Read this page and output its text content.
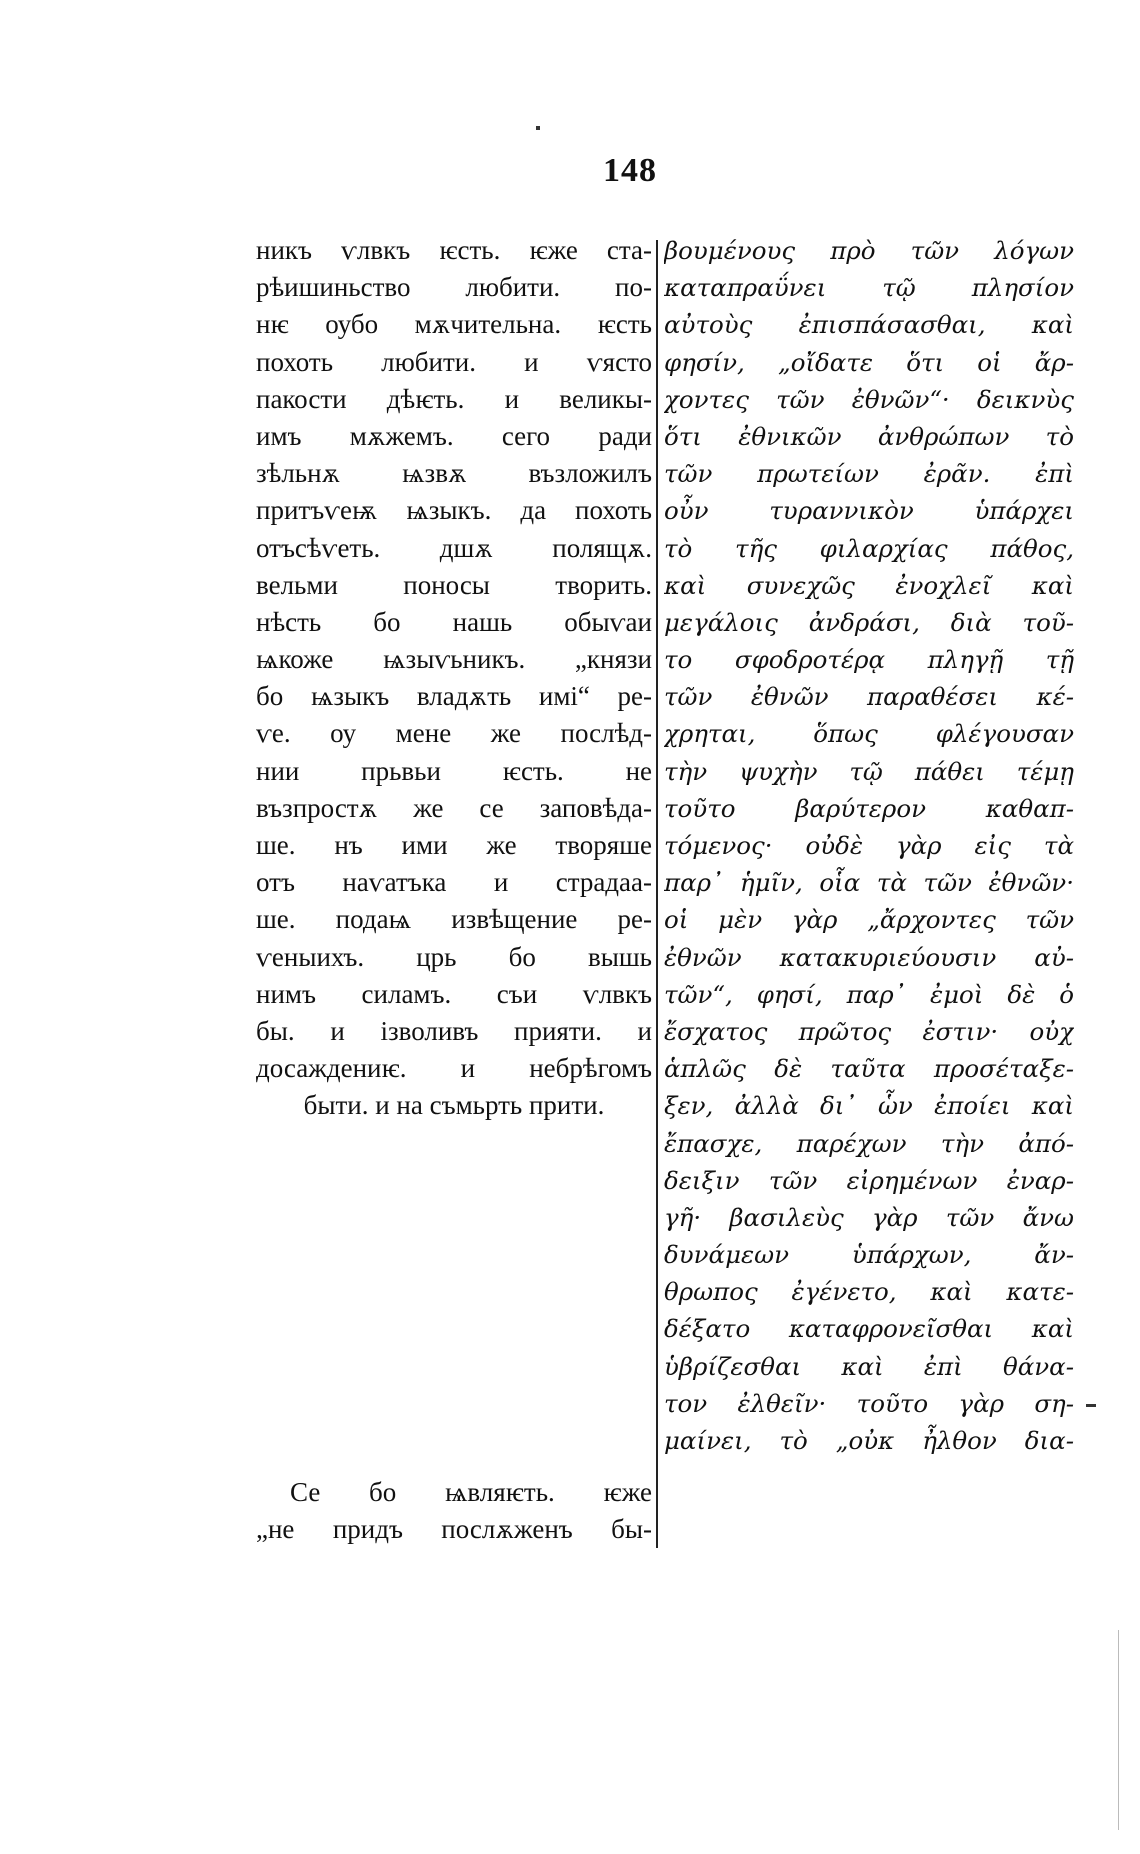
148
никъ ѵлвкъ ѥсть. ѥже ста-
рѣишиньство любити. по-
нѥ оубо мѫчительна. ѥсть
похоть любити. и ѵясто
пакости дѣѥть. и великы-
имъ мѫжемъ. сего ради
зѣльнѫ ѩзвѫ възложилъ
притъѵеѭ ѩзыкъ. да похоть
отъсѣѵеть. дшѫ полящѫ.
вельми поносы творить.
нѣсть бо нашь обыѵаи
ѩкоже ѩзыѵьникъ. „князи
бо ѩзыкъ владѫть имі“ ре-
ѵе. оу мене же послѣд-
нии прьвьи ѥсть. не
възпростѫ же се заповѣда-
ше. нъ ими же творяше
отъ наѵатъка и страдаа-
ше. подаѩ извѣщение ре-
ѵеныихъ. црь бо вышь
нимъ силамъ. съи ѵлвкъ
бы. и ізволивъ прияти. и
досаждениѥ. и небрѣгомъ
быти. и на съмьрть прити.
Се бо ѩвляѥть. ѥже
„не придъ послѫженъ бы-
βουμένους πρὸ τῶν λόγων
καταπραΰνει τῷ πλησίον
αὐτοὺς ἐπισπάσασθαι, καὶ
φησίν, „οἴδατε ὅτι οἱ ἄρ-
χοντες τῶν ἐθνῶν“· δεικνὺς
ὅτι ἐθνικῶν ἀνθρώπων τὸ
τῶν πρωτείων ἐρᾶν. ἐπὶ
οὖν τυραννικὸν ὑπάρχει
τὸ τῆς φιλαρχίας πάθος,
καὶ συνεχῶς ἐνοχλεῖ καὶ
μεγάλοις ἀνδράσι, διὰ τοῦ-
το σφοδροτέρᾳ πληγῇ τῇ
τῶν ἐθνῶν παραθέσει κέ-
χρηται, ὅπως φλέγουσαν
τὴν ψυχὴν τῷ πάθει τέμῃ
τοῦτο βαρύτερον καθαπ-
τόμενος· οὐδὲ γὰρ εἰς τὰ
παρ᾿ ἡμῖν, οἷα τὰ τῶν ἐθνῶν·
οἱ μὲν γὰρ „ἄρχοντες τῶν
ἐθνῶν κατακυριεύουσιν αὐ-
τῶν“, φησί, παρ᾿ ἐμοὶ δὲ ὁ
ἔσχατος πρῶτος ἐστιν· οὐχ
ἁπλῶς δὲ ταῦτα προσέταξε-
ξεν, ἀλλὰ δι᾿ ὧν ἐποίει καὶ
ἔπασχε, παρέχων τὴν ἀπό-
δειξιν τῶν εἰρημένων ἐναρ-
γῆ· βασιλεὺς γὰρ τῶν ἄνω
δυνάμεων ὑπάρχων, ἄν-
θρωπος ἐγένετο, καὶ κατε-
δέξατο καταφρονεῖσθαι καὶ
ὑβρίζεσθαι καὶ ἐπὶ θάνα-
τον ἐλθεῖν· τοῦτο γὰρ ση-
μαίνει, τὸ „οὐκ ἦλθον δια-
